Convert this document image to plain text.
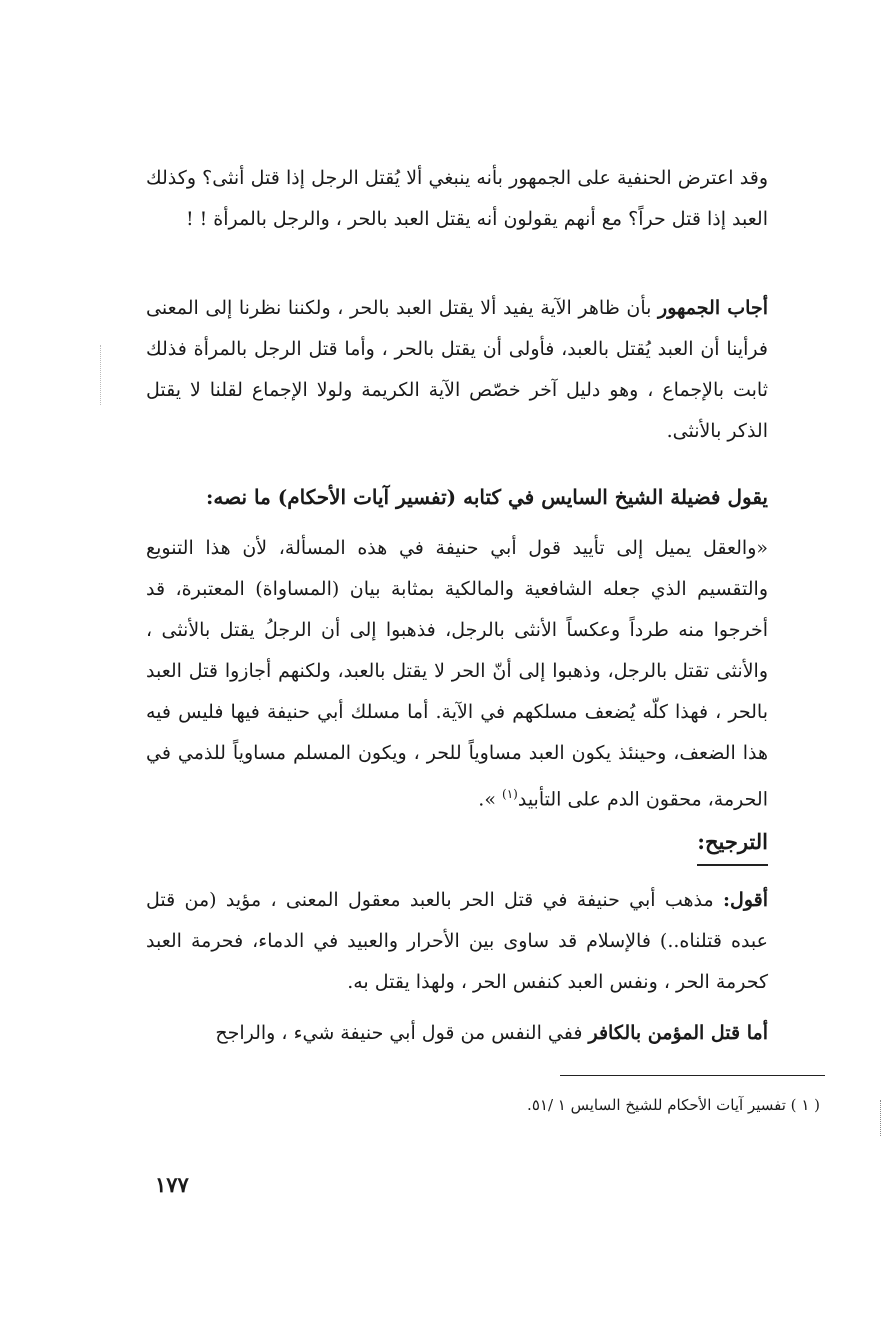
وقد اعترض الحنفية على الجمهور بأنه ينبغي ألا يُقتل الرجل إذا قتل أنثى؟ وكذلك العبد إذا قتل حراً؟ مع أنهم يقولون أنه يقتل العبد بالحر ، والرجل بالمرأة ! !

أجاب الجمهور بأن ظاهر الآية يفيد ألا يقتل العبد بالحر ، ولكننا نظرنا إلى المعنى فرأينا أن العبد يُقتل بالعبد، فأولى أن يقتل بالحر ، وأما قتل الرجل بالمرأة فذلك ثابت بالإجماع ، وهو دليل آخر خصّص الآية الكريمة ولولا الإجماع لقلنا لا يقتل الذكر بالأنثى.

يقول فضيلة الشيخ السايس في كتابه (تفسير آيات الأحكام) ما نصه:

«والعقل يميل إلى تأييد قول أبي حنيفة في هذه المسألة، لأن هذا التنويع والتقسيم الذي جعله الشافعية والمالكية بمثابة بيان (المساواة) المعتبرة، قد أخرجوا منه طرداً وعكساً الأنثى بالرجل، فذهبوا إلى أن الرجلُ يقتل بالأنثى ، والأنثى تقتل بالرجل، وذهبوا إلى أنّ الحر لا يقتل بالعبد، ولكنهم أجازوا قتل العبد بالحر ، فهذا كلّه يُضعف مسلكهم في الآية. أما مسلك أبي حنيفة فيها فليس فيه هذا الضعف، وحينئذ يكون العبد مساوياً للحر ، ويكون المسلم مساوياً للذمي في الحرمة، محقون الدم على التأبيد$^{(١)}$ ».

الترجيح:

أقول: مذهب أبي حنيفة في قتل الحر بالعبد معقول المعنى ، مؤيد (من قتل عبده قتلناه..) فالإسلام قد ساوى بين الأحرار والعبيد في الدماء، فحرمة العبد كحرمة الحر ، ونفس العبد كنفس الحر ، ولهذا يقتل به.

أما قتل المؤمن بالكافر ففي النفس من قول أبي حنيفة شيء ، والراجح

( ١ ) تفسير آيات الأحكام للشيخ السايس ١ /٥١.
١٧٧
